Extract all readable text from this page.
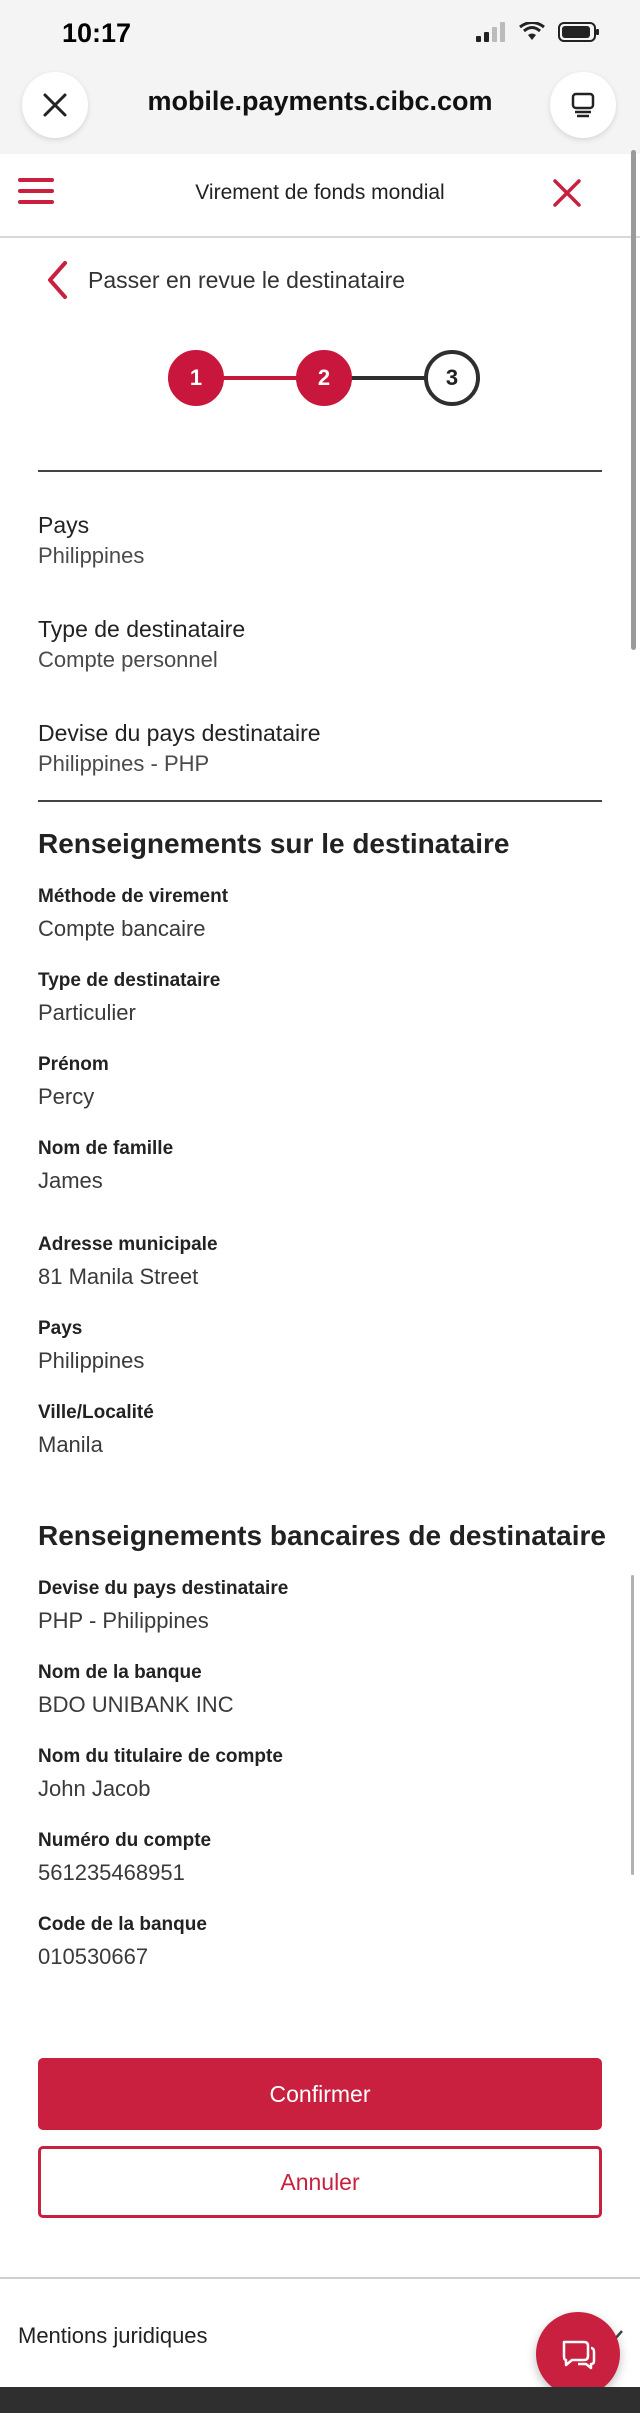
10:17
mobile.payments.cibc.com
Virement de fonds mondial
Passer en revue le destinataire
1	2	3
Pays
Philippines
Type de destinataire
Compte personnel
Devise du pays destinataire
Philippines - PHP
Renseignements sur le destinataire
Méthode de virement
Compte bancaire
Type de destinataire
Particulier
Prénom
Percy
Nom de famille
James
Adresse municipale
81 Manila Street
Pays
Philippines
Ville/Localité
Manila
Renseignements bancaires de destinataire
Devise du pays destinataire
PHP - Philippines
Nom de la banque
BDO UNIBANK INC
Nom du titulaire de compte
John Jacob
Numéro du compte
561235468951
Code de la banque
010530667
Confirmer
Annuler
Mentions juridiques
